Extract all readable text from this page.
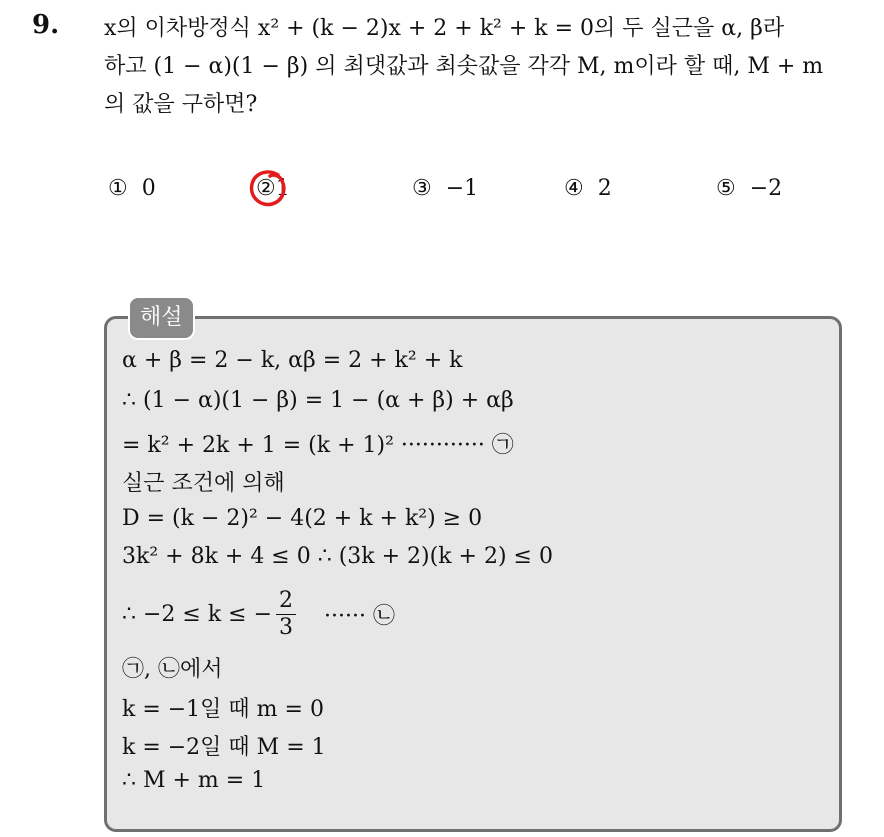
9. x의 이차방정식 x² + (k − 2)x + 2 + k² + k = 0의 두 실근을 α, β라
하고 (1 − α)(1 − β) 의 최댓값과 최솟값을 각각 M, m이라 할 때, M + m
의 값을 구하면?
① 0	②1	③ −1	④ 2	⑤ −2
해설
α + β = 2 − k, αβ = 2 + k² + k
∴ (1 − α)(1 − β) = 1 − (α + β) + αβ
= k² + 2k + 1 = (k + 1)² ············ ㉠
실근 조건에 의해
D = (k − 2)² − 4(2 + k + k²) ≥ 0
3k² + 8k + 4 ≤ 0 ∴ (3k + 2)(k + 2) ≤ 0
∴ −2 ≤ k ≤ − $\frac{2}{3}$ ······ ㉡
㉠, ㉡에서
k = −1일 때 m = 0
k = −2일 때 M = 1
∴ M + m = 1
